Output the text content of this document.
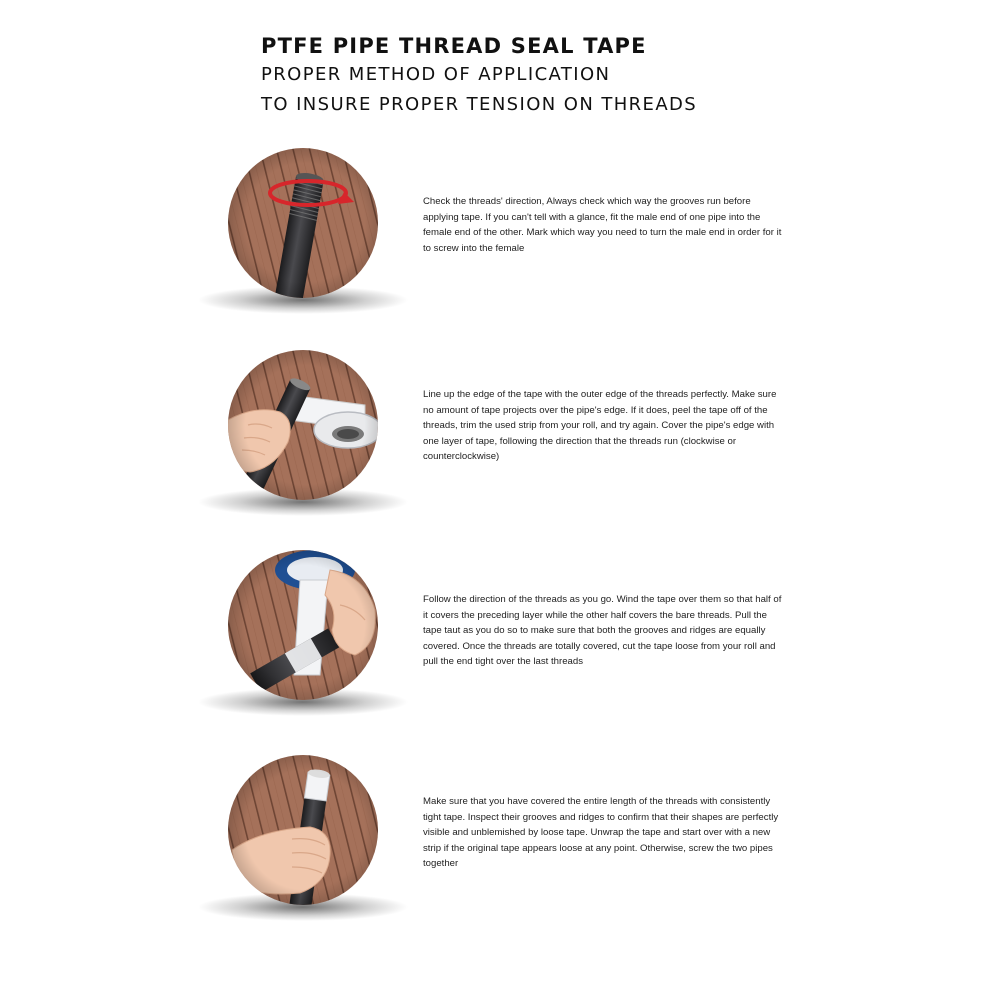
PTFE PIPE THREAD SEAL TAPE
PROPER METHOD OF APPLICATION
TO INSURE PROPER TENSION ON THREADS
Check the threads' direction, Always check which way the grooves run before applying tape. If you can't tell with a glance, fit the male end of one pipe into the female end of the other. Mark which way you need to turn the male end in order for it to screw into the female
Line up the edge of the tape with the outer edge of the threads perfectly. Make sure no amount of tape projects over the pipe's edge. If it does, peel the tape off of the threads, trim the used strip from your roll, and try again. Cover the pipe's edge with one layer of tape, following the direction that the threads run (clockwise or counterclockwise)
Follow the direction of the threads as you go. Wind the tape over them so that half of it covers the preceding layer while the other half covers the bare threads. Pull the tape taut as you do so to make sure that both the grooves and ridges are equally covered. Once the threads are totally covered, cut the tape loose from your roll and pull the end tight over the last threads
Make sure that you have covered the entire length of the threads with consistently tight tape. Inspect their grooves and ridges to confirm that their shapes are perfectly visible and unblemished by loose tape. Unwrap the tape and start over with a new strip if the original tape appears loose at any point. Otherwise, screw the two pipes together
